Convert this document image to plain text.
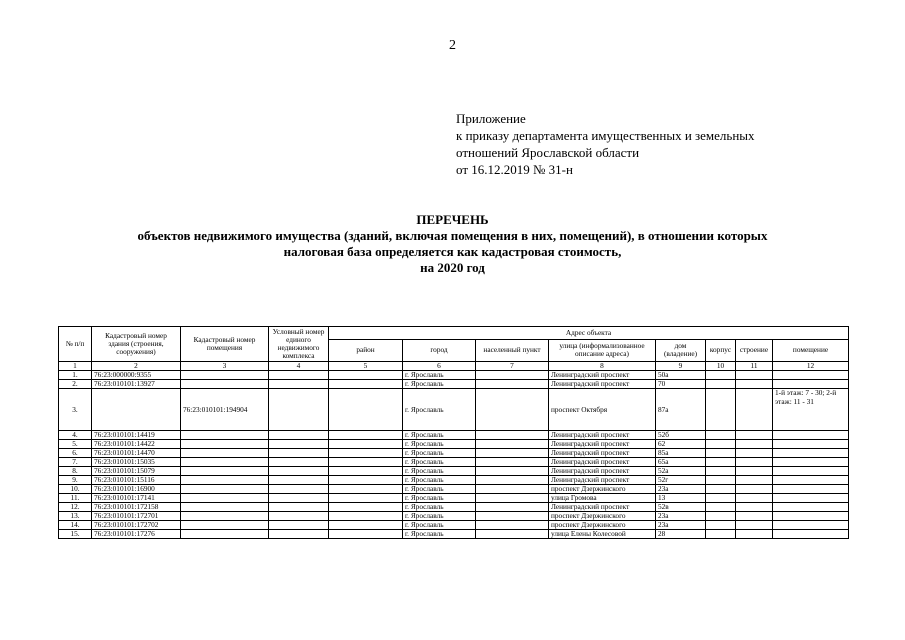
2
Приложение
к приказу департамента имущественных и земельных
отношений Ярославской области
от 16.12.2019 № 31-н
ПЕРЕЧЕНЬ
объектов недвижимого имущества (зданий, включая помещения в них, помещений), в отношении которых
налоговая база определяется как кадастровая стоимость,
на 2020 год
№ п/п	Кадастровый номер здания (строения, сооружения)	Кадастровый номер помещения	Условный номер единого недвижимого комплекса	Адрес объекта							
				район	город	населенный пункт	улица (информализованное описание адреса)	дом (владение)	корпус	строение	помещение
1	2	3	4	5	6	7	8	9	10	11	12
1.	76:23:000000:9355				г. Ярославль		Ленинградский проспект	50а			
2.	76:23:010101:13927				г. Ярославль		Ленинградский проспект	70			
3.		76:23:010101:194904			г. Ярославль		проспект Октября	87а			1-й этаж: 7 - 30; 2-й этаж: 11 - 31
4.	76:23:010101:14419				г. Ярославль		Ленинградский проспект	52б			
5.	76:23:010101:14422				г. Ярославль		Ленинградский проспект	62			
6.	76:23:010101:14470				г. Ярославль		Ленинградский проспект	85а			
7.	76:23:010101:15035				г. Ярославль		Ленинградский проспект	65а			
8.	76:23:010101:15079				г. Ярославль		Ленинградский проспект	52а			
9.	76:23:010101:15116				г. Ярославль		Ленинградский проспект	52г			
10.	76:23:010101:16900				г. Ярославль		проспект Дзержинского	23а			
11.	76:23:010101:17141				г. Ярославль		улица Громова	13			
12.	76:23:010101:172158				г. Ярославль		Ленинградский проспект	52в			
13.	76:23:010101:172701				г. Ярославль		проспект Дзержинского	23а			
14.	76:23:010101:172702				г. Ярославль		проспект Дзержинского	23а			
15.	76:23:010101:17276				г. Ярославль		улица Елены Колесовой	28			
